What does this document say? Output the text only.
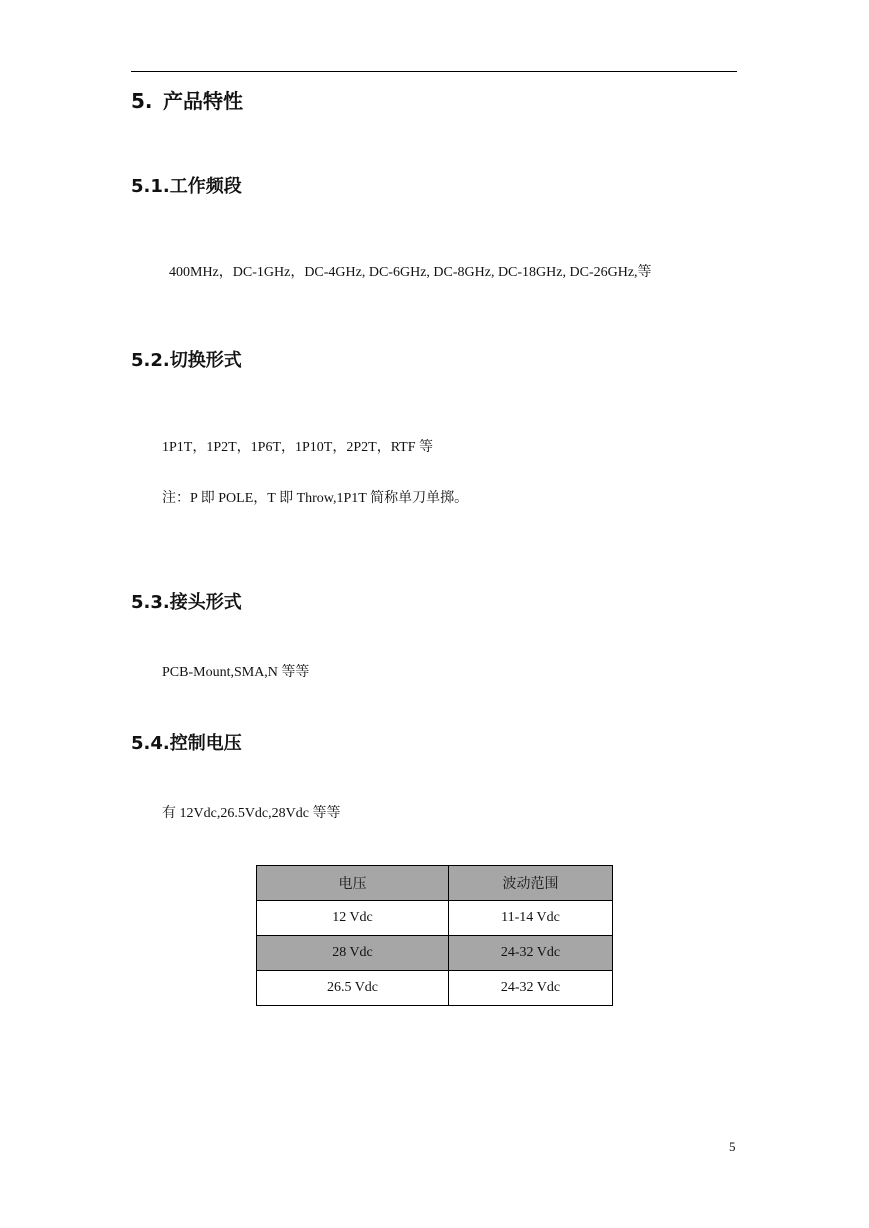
5. 产品特性
5.1.工作频段
400MHz，DC-1GHz，DC-4GHz, DC-6GHz, DC-8GHz, DC-18GHz, DC-26GHz,等
5.2.切换形式
1P1T，1P2T，1P6T，1P10T，2P2T，RTF 等
注：P 即 POLE，T 即 Throw,1P1T 简称单刀单掷。
5.3.接头形式
PCB-Mount,SMA,N 等等
5.4.控制电压
有 12Vdc,26.5Vdc,28Vdc 等等
电压	波动范围
12 Vdc	11-14 Vdc
28 Vdc	24-32 Vdc
26.5 Vdc	24-32 Vdc
5
